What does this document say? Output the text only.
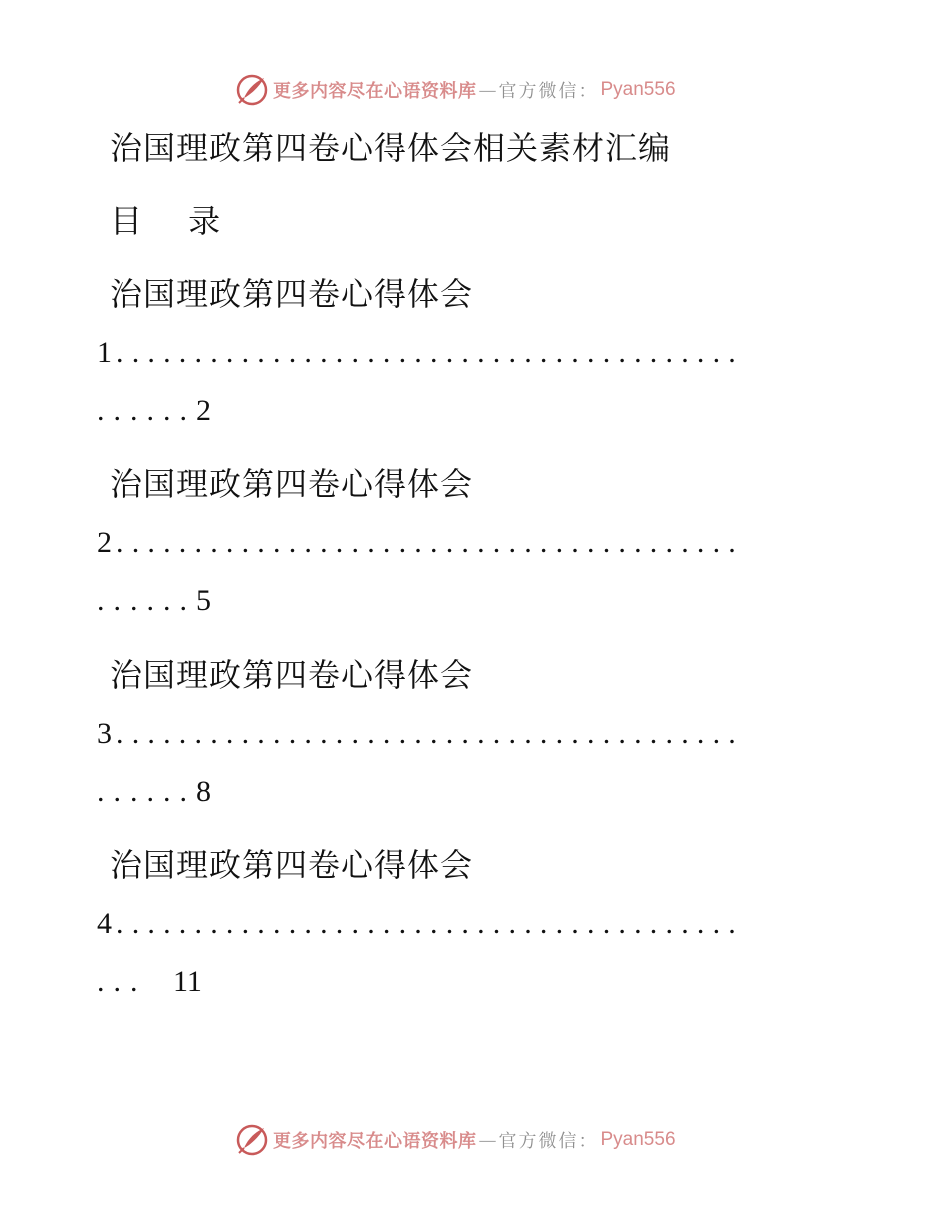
更多内容尽在心语资料库 — 官方微信： Pyan556
治国理政第四卷心得体会相关素材汇编
目 录
治国理政第四卷心得体会
1........................................
......2
治国理政第四卷心得体会
2........................................
......5
治国理政第四卷心得体会
3........................................
......8
治国理政第四卷心得体会
4........................................
... 11
更多内容尽在心语资料库 — 官方微信： Pyan556
